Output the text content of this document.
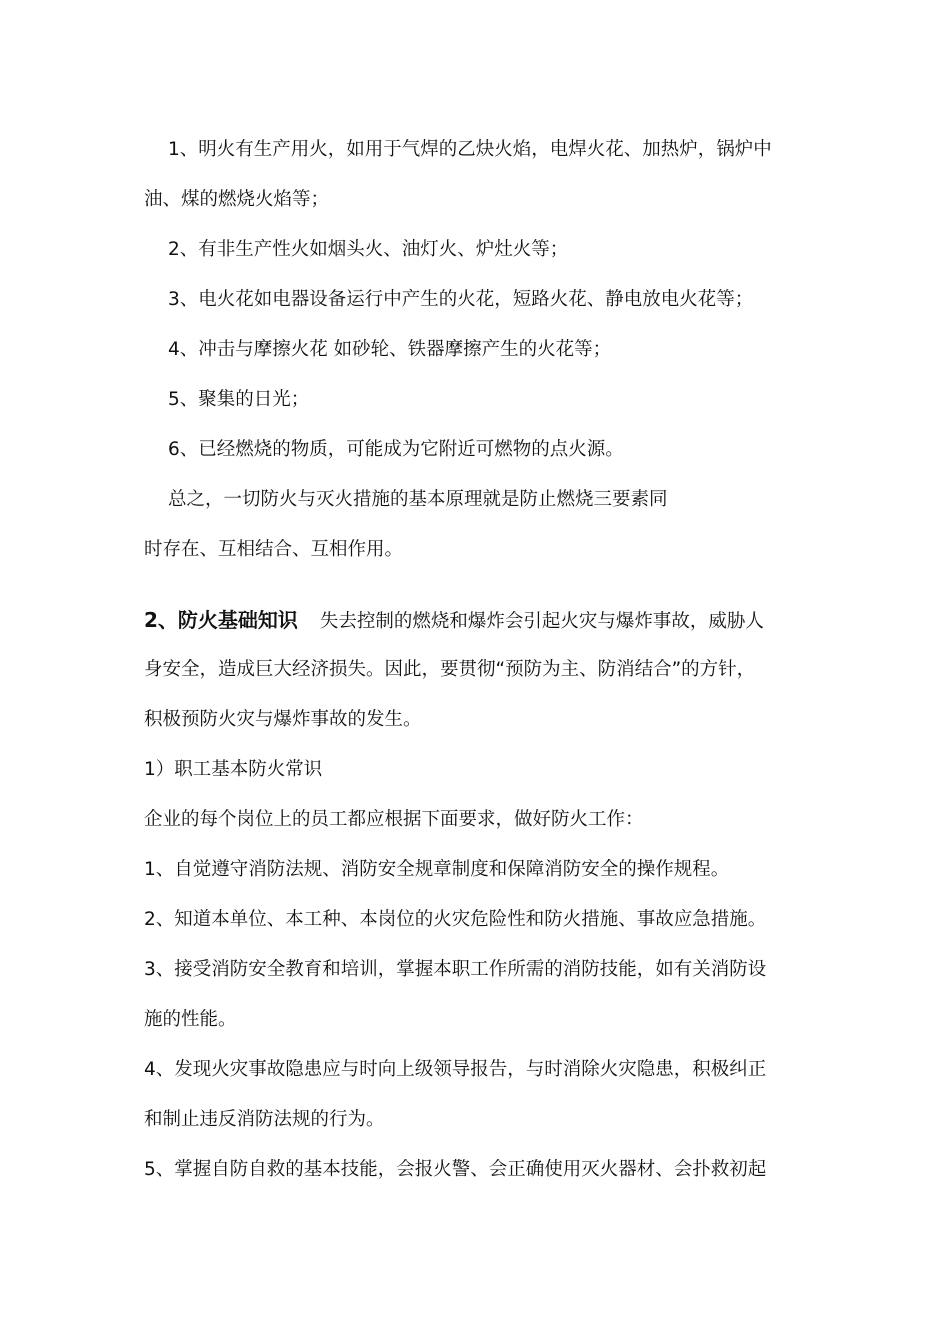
1、明火有生产用火，如用于气焊的乙炔火焰，电焊火花、加热炉，锅炉中
油、煤的燃烧火焰等；
2、有非生产性火如烟头火、油灯火、炉灶火等；
3、电火花如电器设备运行中产生的火花，短路火花、静电放电火花等；
4、冲击与摩擦火花 如砂轮、铁器摩擦产生的火花等；
5、聚集的日光；
6、已经燃烧的物质，可能成为它附近可燃物的点火源。
总之，一切防火与灭火措施的基本原理就是防止燃烧三要素同
时存在、互相结合、互相作用。
2、防火基础知识 失去控制的燃烧和爆炸会引起火灾与爆炸事故，威胁人
身安全，造成巨大经济损失。因此，要贯彻“预防为主、防消结合”的方针，
积极预防火灾与爆炸事故的发生。
1）职工基本防火常识
企业的每个岗位上的员工都应根据下面要求，做好防火工作：
1、自觉遵守消防法规、消防安全规章制度和保障消防安全的操作规程。
2、知道本单位、本工种、本岗位的火灾危险性和防火措施、事故应急措施。
3、接受消防安全教育和培训，掌握本职工作所需的消防技能，如有关消防设
施的性能。
4、发现火灾事故隐患应与时向上级领导报告，与时消除火灾隐患，积极纠正
和制止违反消防法规的行为。
5、掌握自防自救的基本技能，会报火警、会正确使用灭火器材、会扑救初起
